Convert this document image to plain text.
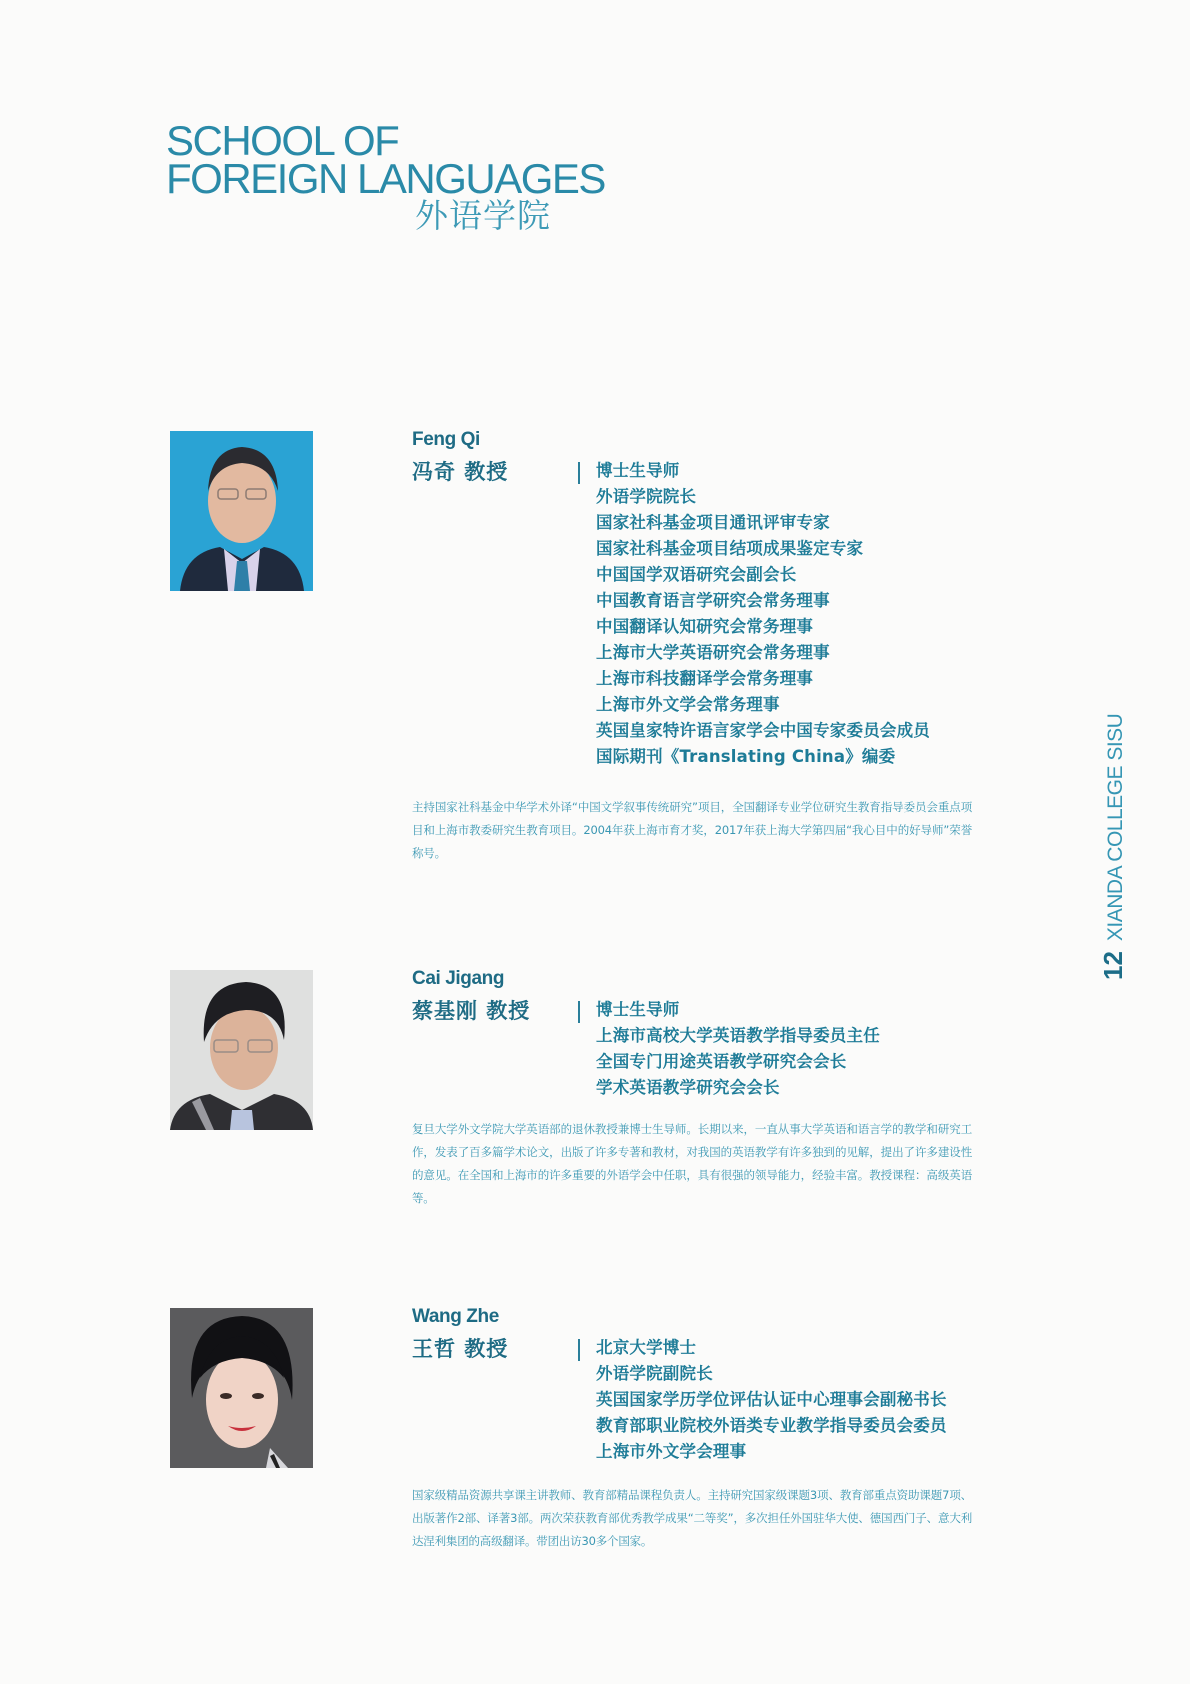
SCHOOL OF
FOREIGN LANGUAGES
外语学院
12
XIANDA COLLEGE SISU
Feng Qi
冯奇 教授	博士生导师
外语学院院长
国家社科基金项目通讯评审专家
国家社科基金项目结项成果鉴定专家
中国国学双语研究会副会长
中国教育语言学研究会常务理事
中国翻译认知研究会常务理事
上海市大学英语研究会常务理事
上海市科技翻译学会常务理事
上海市外文学会常务理事
英国皇家特许语言家学会中国专家委员会成员
国际期刊《Translating China》编委
主持国家社科基金中华学术外译“中国文学叙事传统研究”项目，全国翻译专业学位研究生教育指导委员会重点项目和上海市教委研究生教育项目。2004年获上海市育才奖，2017年获上海大学第四届“我心目中的好导师”荣誉称号。
Cai Jigang
蔡基刚 教授	博士生导师
上海市高校大学英语教学指导委员主任
全国专门用途英语教学研究会会长
学术英语教学研究会会长
复旦大学外文学院大学英语部的退休教授兼博士生导师。长期以来，一直从事大学英语和语言学的教学和研究工作，发表了百多篇学术论文，出版了许多专著和教材，对我国的英语教学有许多独到的见解，提出了许多建设性的意见。在全国和上海市的许多重要的外语学会中任职，具有很强的领导能力，经验丰富。教授课程：高级英语等。
Wang Zhe
王哲 教授	北京大学博士
外语学院副院长
英国国家学历学位评估认证中心理事会副秘书长
教育部职业院校外语类专业教学指导委员会委员
上海市外文学会理事
国家级精品资源共享课主讲教师、教育部精品课程负责人。主持研究国家级课题3项、教育部重点资助课题7项、出版著作2部、译著3部。两次荣获教育部优秀教学成果“二等奖”，多次担任外国驻华大使、德国西门子、意大利达涅利集团的高级翻译。带团出访30多个国家。
